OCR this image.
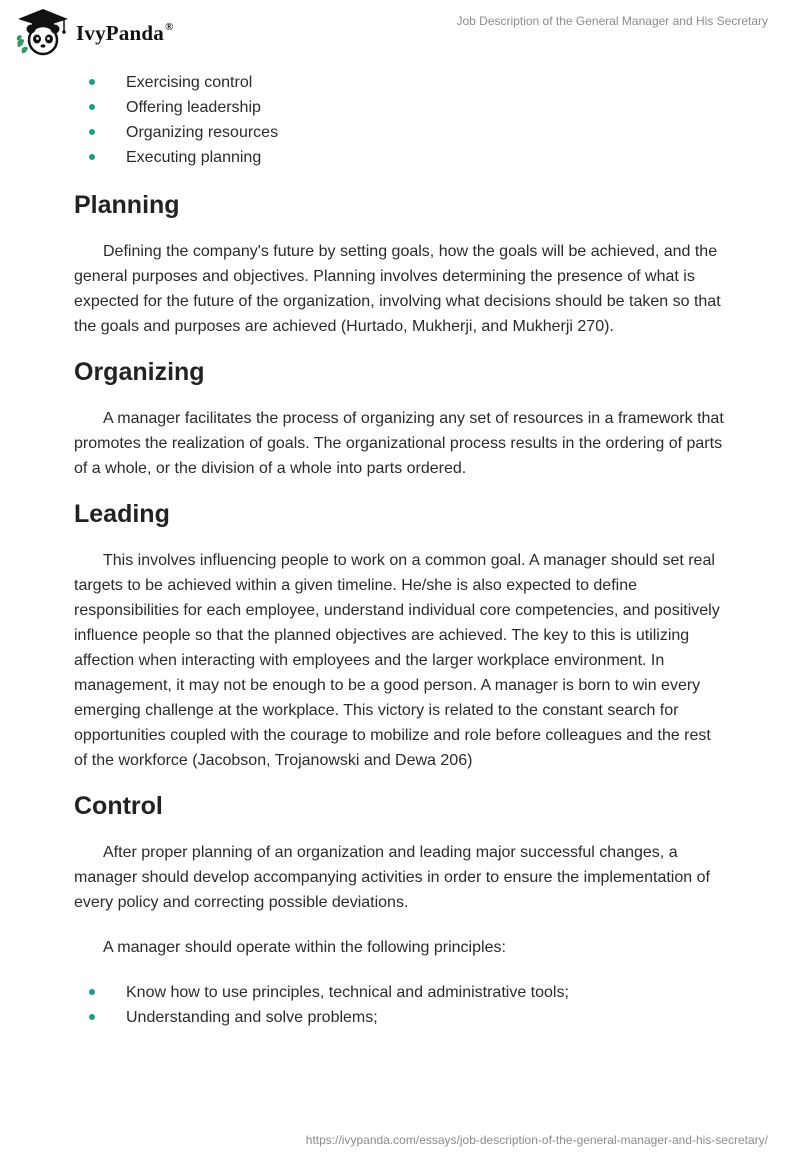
IvyPanda®	Job Description of the General Manager and His Secretary
Exercising control
Offering leadership
Organizing resources
Executing planning
Planning

Defining the company's future by setting goals, how the goals will be achieved, and the general purposes and objectives. Planning involves determining the presence of what is expected for the future of the organization, involving what decisions should be taken so that the goals and purposes are achieved (Hurtado, Mukherji, and Mukherji 270).

Organizing

A manager facilitates the process of organizing any set of resources in a framework that promotes the realization of goals. The organizational process results in the ordering of parts of a whole, or the division of a whole into parts ordered.

Leading

This involves influencing people to work on a common goal. A manager should set real targets to be achieved within a given timeline. He/she is also expected to define responsibilities for each employee, understand individual core competencies, and positively influence people so that the planned objectives are achieved. The key to this is utilizing affection when interacting with employees and the larger workplace environment. In management, it may not be enough to be a good person. A manager is born to win every emerging challenge at the workplace. This victory is related to the constant search for opportunities coupled with the courage to mobilize and role before colleagues and the rest of the workforce (Jacobson, Trojanowski and Dewa 206)

Control

After proper planning of an organization and leading major successful changes, a manager should develop accompanying activities in order to ensure the implementation of every policy and correcting possible deviations.

A manager should operate within the following principles:

Know how to use principles, technical and administrative tools;
Understanding and solve problems;
https://ivypanda.com/essays/job-description-of-the-general-manager-and-his-secretary/
